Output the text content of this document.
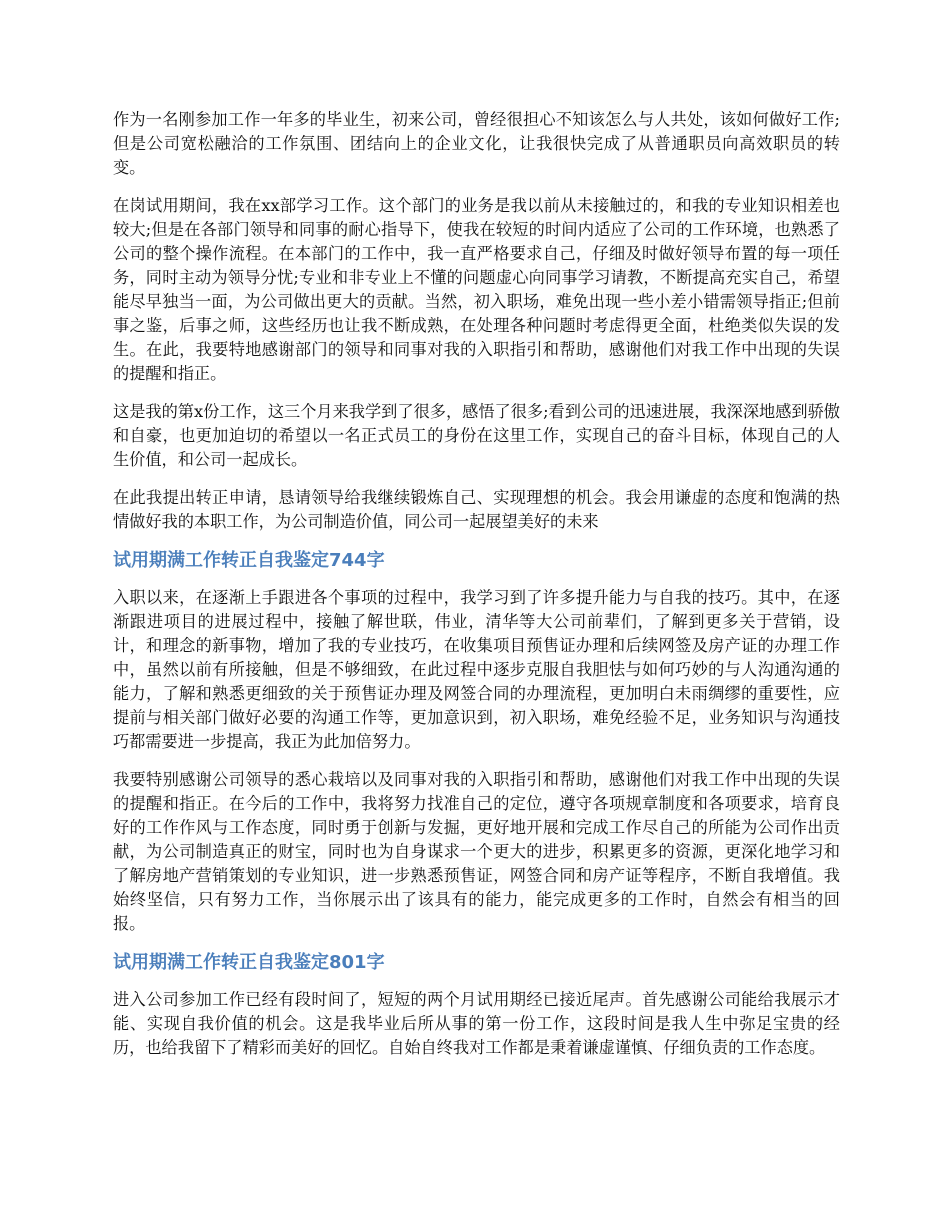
作为一名刚参加工作一年多的毕业生，初来公司，曾经很担心不知该怎么与人共处，该如何做好工作;但是公司宽松融洽的工作氛围、团结向上的企业文化，让我很快完成了从普通职员向高效职员的转变。

在岗试用期间，我在xx部学习工作。这个部门的业务是我以前从未接触过的，和我的专业知识相差也较大;但是在各部门领导和同事的耐心指导下，使我在较短的时间内适应了公司的工作环境，也熟悉了公司的整个操作流程。在本部门的工作中，我一直严格要求自己，仔细及时做好领导布置的每一项任务，同时主动为领导分忧;专业和非专业上不懂的问题虚心向同事学习请教，不断提高充实自己，希望能尽早独当一面，为公司做出更大的贡献。当然，初入职场，难免出现一些小差小错需领导指正;但前事之鉴，后事之师，这些经历也让我不断成熟，在处理各种问题时考虑得更全面，杜绝类似失误的发生。在此，我要特地感谢部门的领导和同事对我的入职指引和帮助，感谢他们对我工作中出现的失误的提醒和指正。

这是我的第x份工作，这三个月来我学到了很多，感悟了很多;看到公司的迅速进展，我深深地感到骄傲和自豪，也更加迫切的希望以一名正式员工的身份在这里工作，实现自己的奋斗目标，体现自己的人生价值，和公司一起成长。

在此我提出转正申请，恳请领导给我继续锻炼自己、实现理想的机会。我会用谦虚的态度和饱满的热情做好我的本职工作，为公司制造价值，同公司一起展望美好的未来

试用期满工作转正自我鉴定744字

入职以来，在逐渐上手跟进各个事项的过程中，我学习到了许多提升能力与自我的技巧。其中，在逐渐跟进项目的进展过程中，接触了解世联，伟业，清华等大公司前辈们，了解到更多关于营销，设计，和理念的新事物，增加了我的专业技巧，在收集项目预售证办理和后续网签及房产证的办理工作中，虽然以前有所接触，但是不够细致，在此过程中逐步克服自我胆怯与如何巧妙的与人沟通沟通的能力，了解和熟悉更细致的关于预售证办理及网签合同的办理流程，更加明白未雨绸缪的重要性，应提前与相关部门做好必要的沟通工作等，更加意识到，初入职场，难免经验不足，业务知识与沟通技巧都需要进一步提高，我正为此加倍努力。

我要特别感谢公司领导的悉心栽培以及同事对我的入职指引和帮助，感谢他们对我工作中出现的失误的提醒和指正。在今后的工作中，我将努力找准自己的定位，遵守各项规章制度和各项要求，培育良好的工作作风与工作态度，同时勇于创新与发掘，更好地开展和完成工作尽自己的所能为公司作出贡献，为公司制造真正的财宝，同时也为自身谋求一个更大的进步，积累更多的资源，更深化地学习和了解房地产营销策划的专业知识，进一步熟悉预售证，网签合同和房产证等程序，不断自我增值。我始终坚信，只有努力工作，当你展示出了该具有的能力，能完成更多的工作时，自然会有相当的回报。

试用期满工作转正自我鉴定801字

进入公司参加工作已经有段时间了，短短的两个月试用期经已接近尾声。首先感谢公司能给我展示才能、实现自我价值的机会。这是我毕业后所从事的第一份工作，这段时间是我人生中弥足宝贵的经历，也给我留下了精彩而美好的回忆。自始自终我对工作都是秉着谦虚谨慎、仔细负责的工作态度。
